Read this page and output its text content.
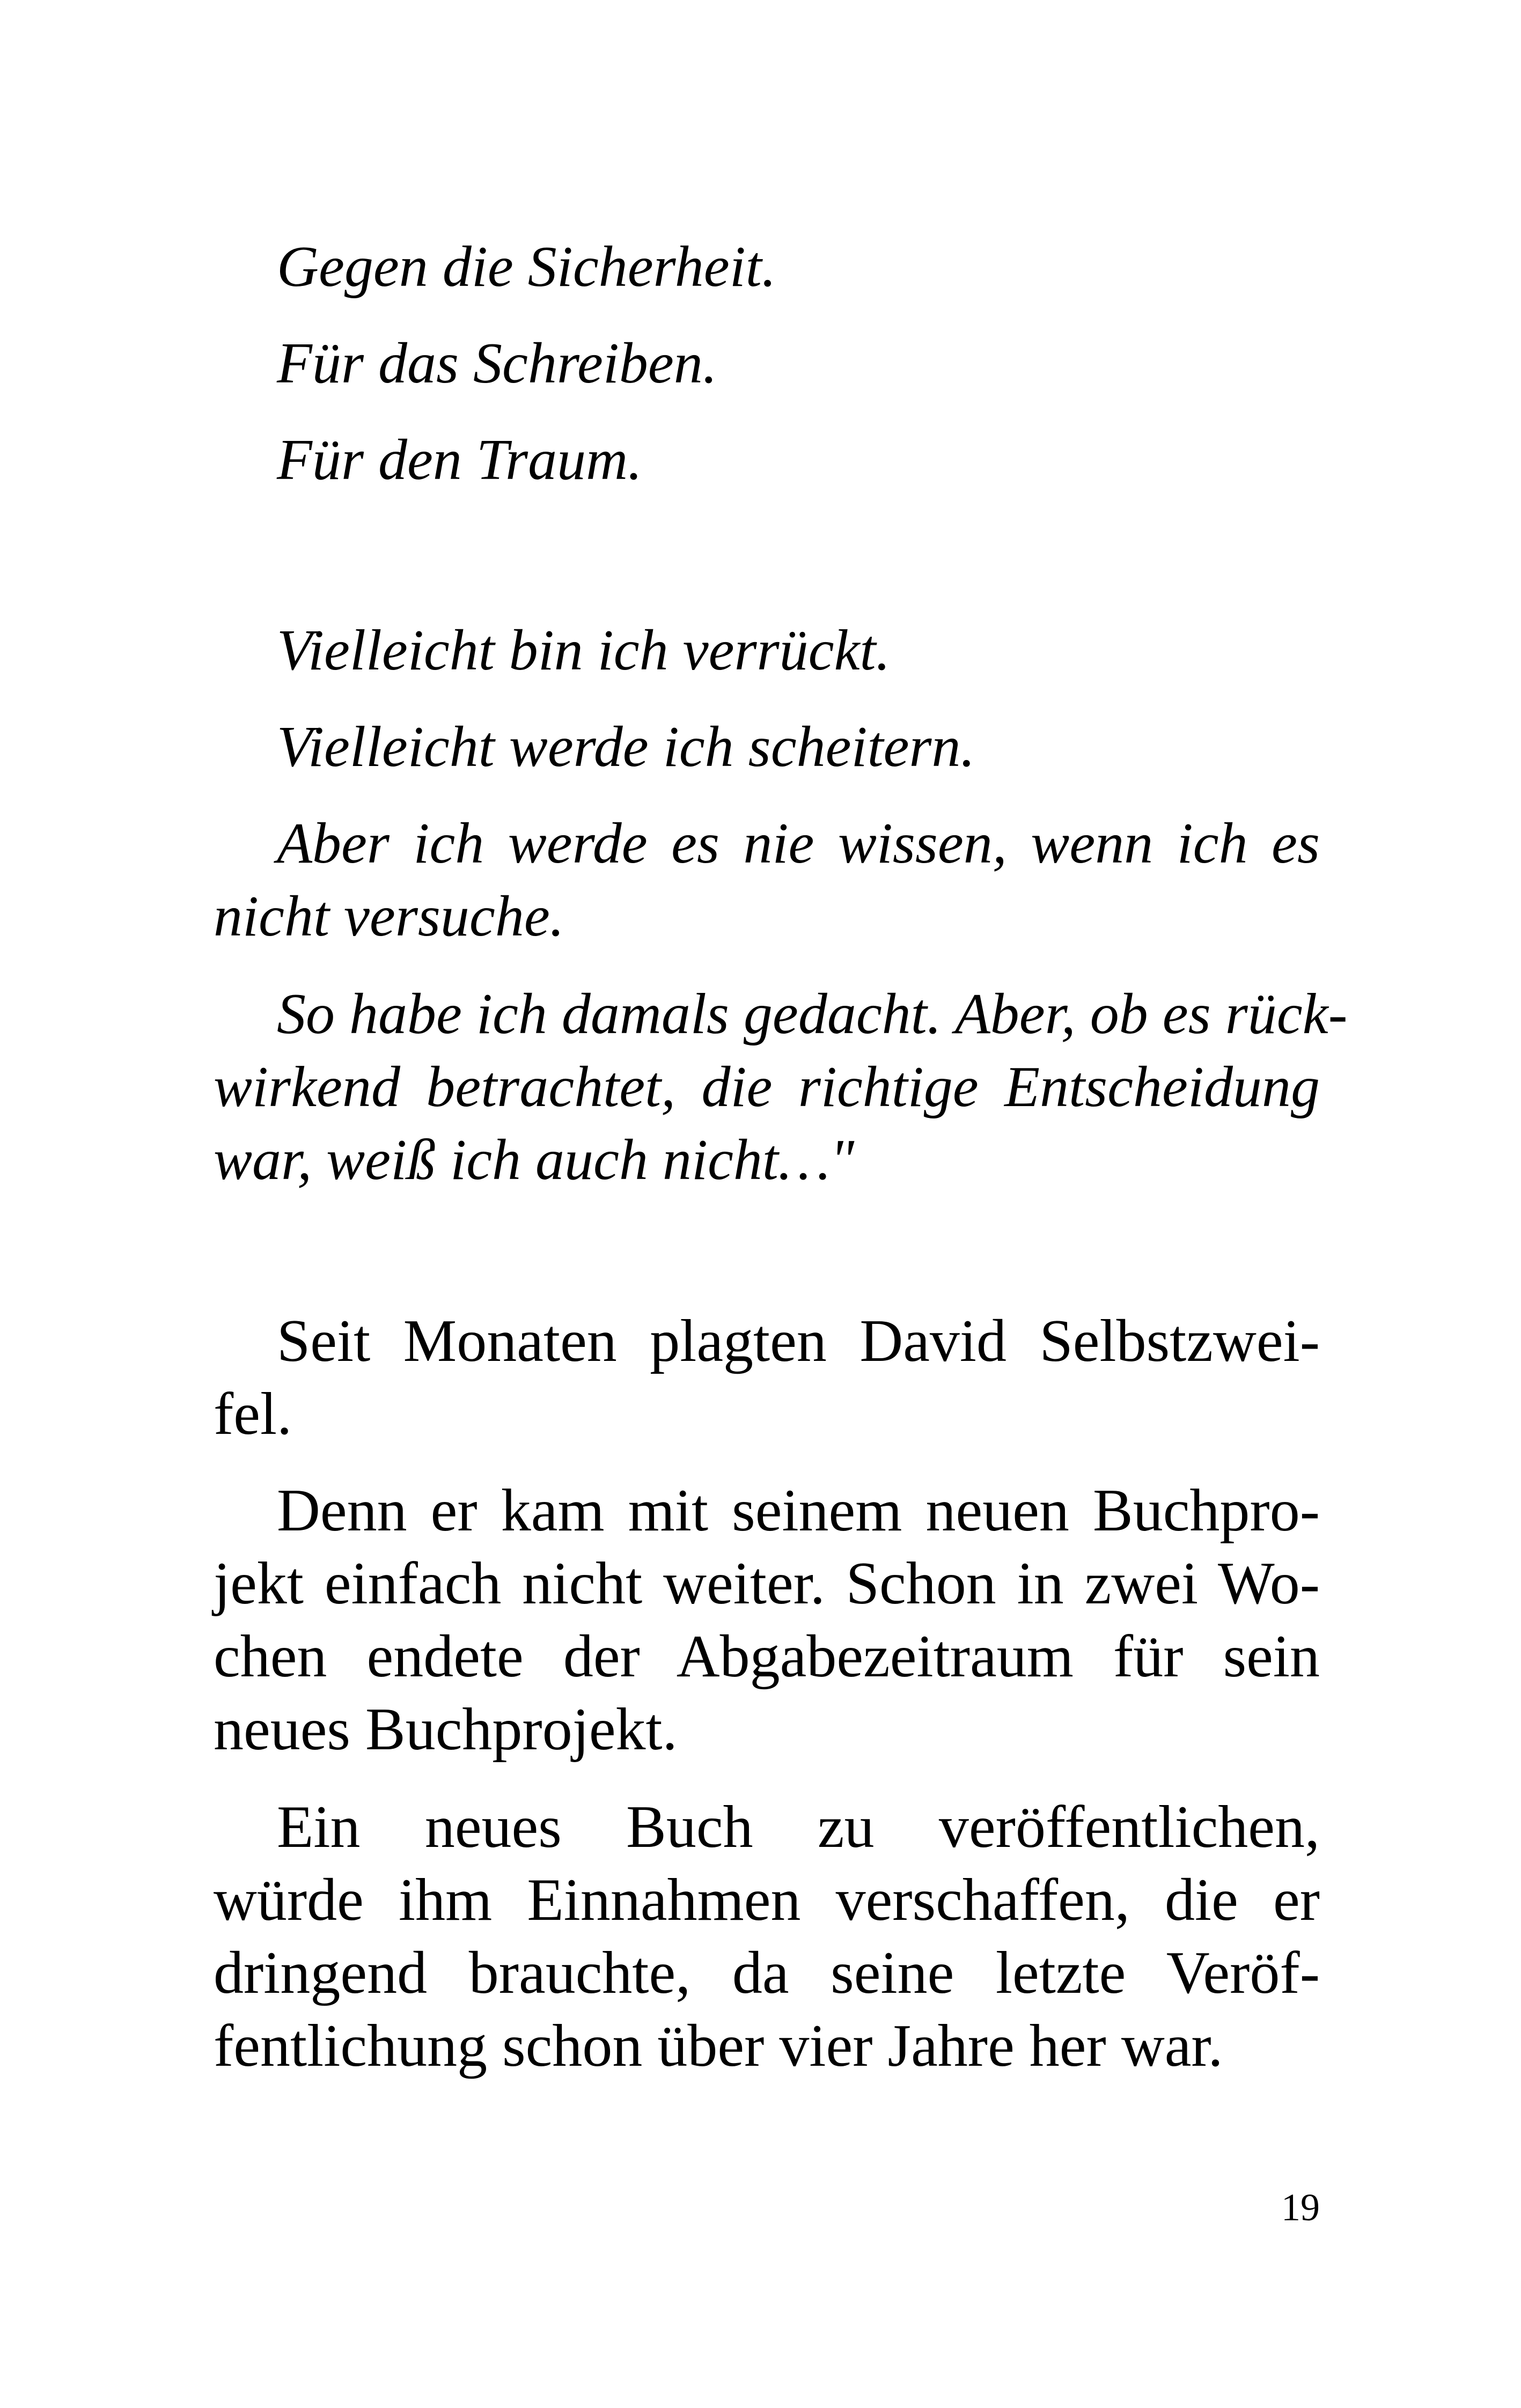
Gegen die Sicherheit.
Für das Schreiben.
Für den Traum.
Vielleicht bin ich verrückt.
Vielleicht werde ich scheitern.
Aber ich werde es nie wissen, wenn ich es
nicht versuche.
So habe ich damals gedacht. Aber, ob es rück-
wirkend betrachtet, die richtige Entscheidung
war, weiß ich auch nicht…"
Seit Monaten plagten David Selbstzwei-
fel.
Denn er kam mit seinem neuen Buchpro-
jekt einfach nicht weiter. Schon in zwei Wo-
chen endete der Abgabezeitraum für sein
neues Buchprojekt.
Ein neues Buch zu veröffentlichen,
würde ihm Einnahmen verschaffen, die er
dringend brauchte, da seine letzte Veröf-
fentlichung schon über vier Jahre her war.
19
